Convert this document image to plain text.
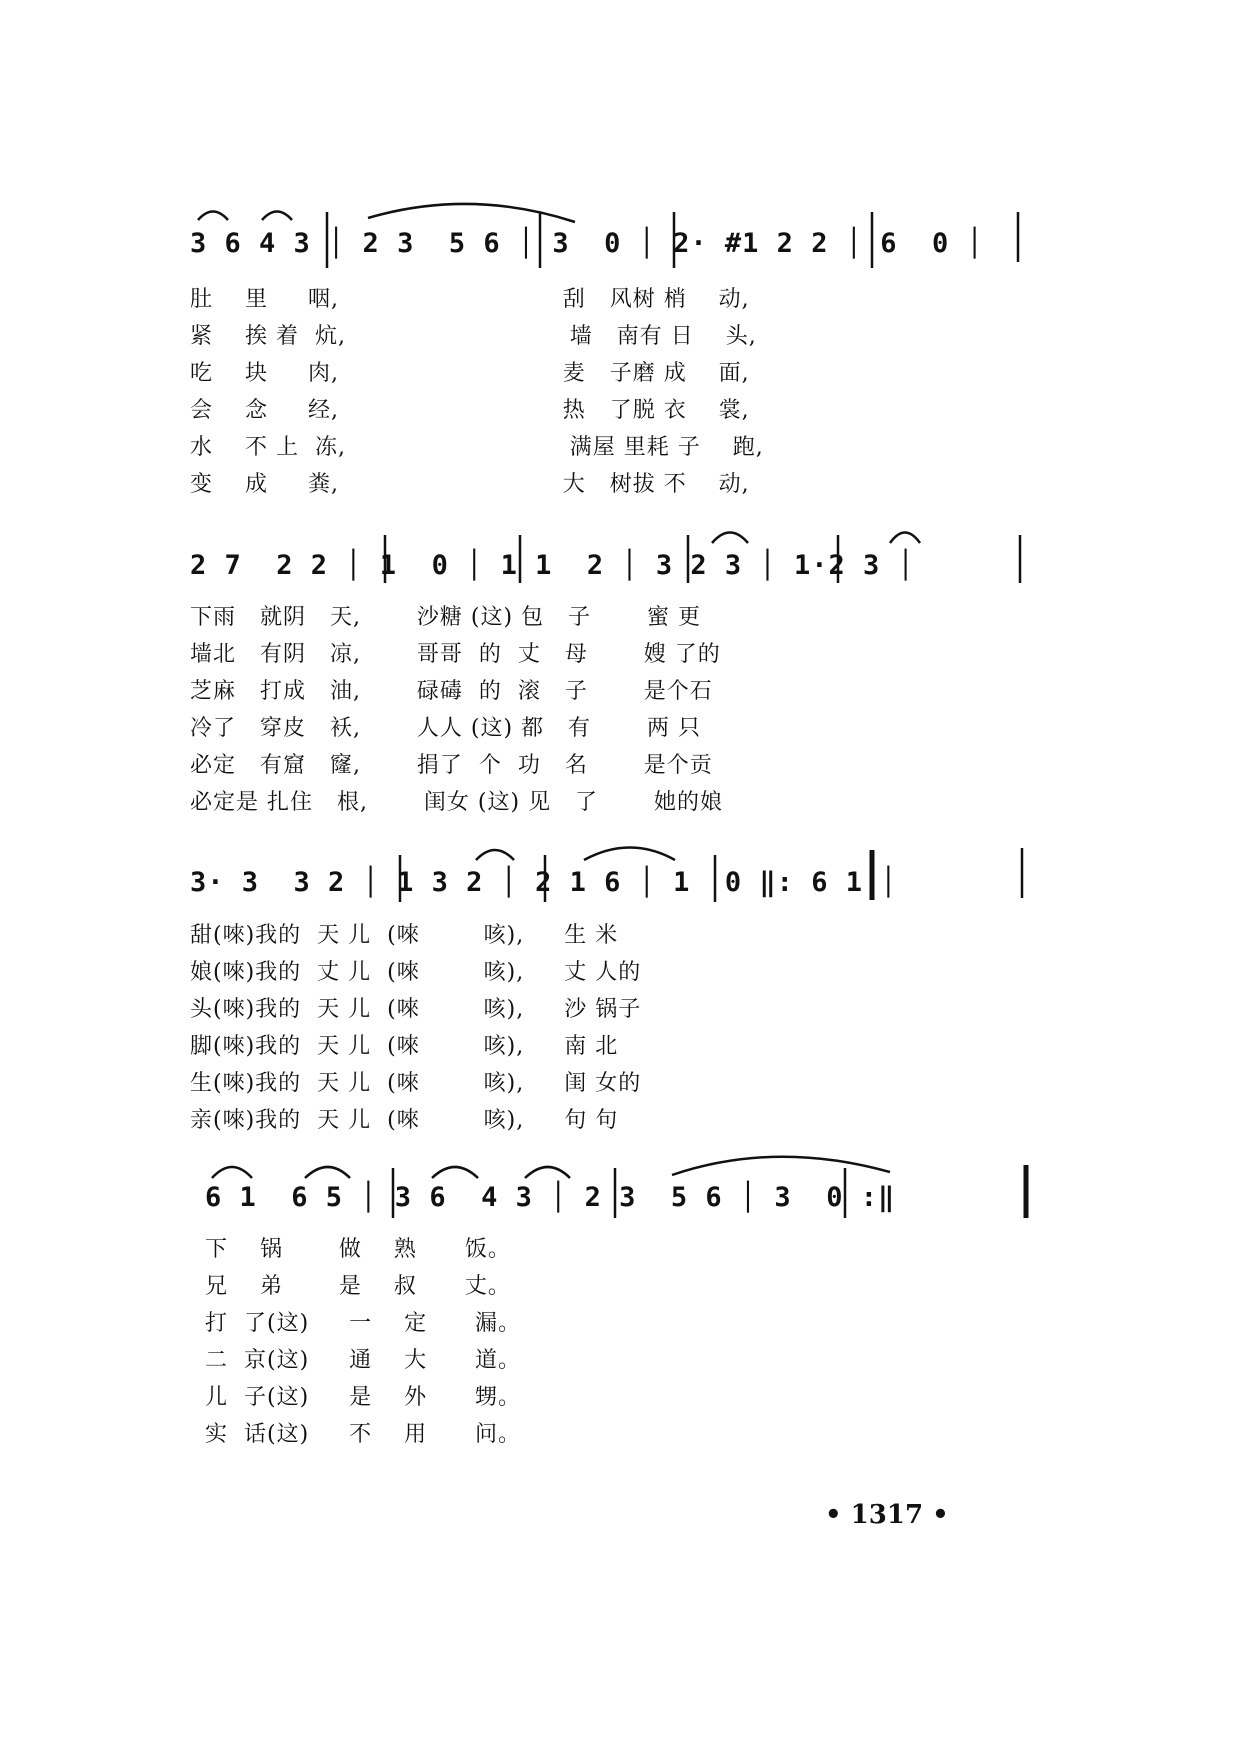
3 6 4 3 │ 2 3  5 6 │ 3  0 │ 2· #1 2 2 │ 6  0 │
肚    里     咽,                            刮   风树 梢    动,
紧    挨 着  炕,                            墙   南有 日    头,
吃    块     肉,                            麦   子磨 成    面,
会    念     经,                            热   了脱 衣    裳,
水    不 上  冻,                            满屋 里耗 子    跑,
变    成     粪,                            大   树拔 不    动,
2 7  2 2 │ 1  0 │ 1 1  2 │ 3 2 3 │ 1·2 3 │
下雨   就阴   天,       沙糖 (这) 包   子       蜜 更
墙北   有阴   凉,       哥哥  的  丈   母       嫂 了的
芝麻   打成   油,       碌碡  的  滚   子       是个石
冷了   穿皮   袄,       人人 (这) 都   有       两 只
必定   有窟   窿,       捐了  个  功   名       是个贡
必定是 扎住   根,       闺女 (这) 见   了       她的娘
3· 3  3 2 │ 1 3 2 │ 2 1 6 │ 1  0 ‖: 6 1 │
甜(唻)我的  天 儿  (唻        咳),     生 米
娘(唻)我的  丈 儿  (唻        咳),     丈 人的
头(唻)我的  天 儿  (唻        咳),     沙 锅子
脚(唻)我的  天 儿  (唻        咳),     南 北
生(唻)我的  天 儿  (唻        咳),     闺 女的
亲(唻)我的  天 儿  (唻        咳),     句 句
6 1  6 5 │ 3 6  4 3 │ 2 3  5 6 │ 3  0 :‖
下    锅       做    熟      饭。
兄    弟       是    叔      丈。
打  了(这)     一    定      漏。
二  京(这)     通    大      道。
儿  子(这)     是    外      甥。
实  话(这)     不    用      问。
• 1317 •
